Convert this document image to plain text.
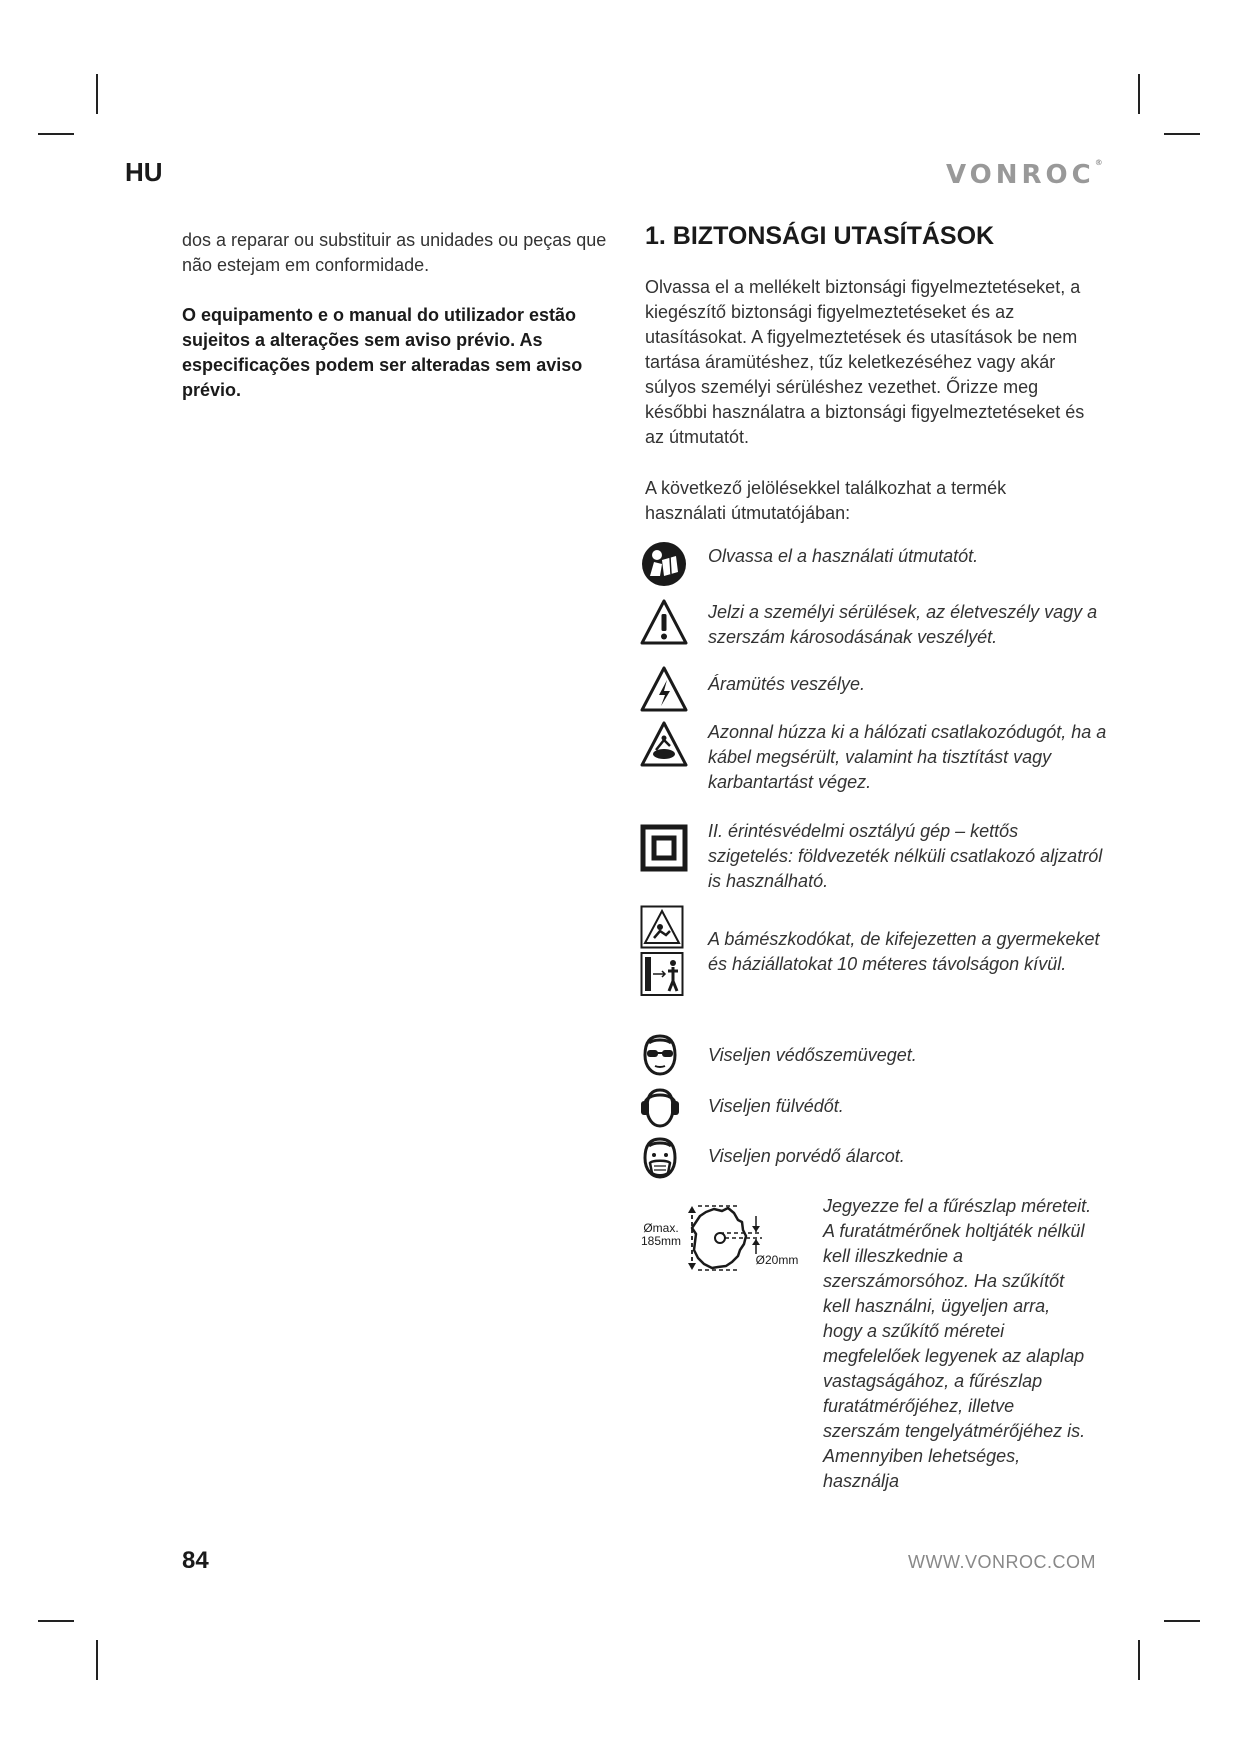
HU	VONROC®

dos a reparar ou substituir as unidades ou peças que não estejam em conformidade.

O equipamento e o manual do utilizador estão sujeitos a alterações sem aviso prévio. As especificações podem ser alteradas sem aviso prévio.

1. BIZTONSÁGI UTASÍTÁSOK

Olvassa el a mellékelt biztonsági figyelmeztetéseket, a kiegészítő biztonsági figyelmeztetéseket és az utasításokat. A figyelmeztetések és utasítások be nem tartása áramütéshez, tűz keletkezéséhez vagy akár súlyos személyi sérüléshez vezethet. Őrizze meg későbbi használatra a biztonsági figyelmeztetéseket és az útmutatót.

A következő jelölésekkel találkozhat a termék használati útmutatójában:

Olvassa el a használati útmutatót.

Jelzi a személyi sérülések, az életveszély vagy a szerszám károsodásának veszélyét.

Áramütés veszélye.

Azonnal húzza ki a hálózati csatlakozódugót, ha a kábel megsérült, valamint ha tisztítást vagy karbantartást végez.

II. érintésvédelmi osztályú gép – kettős szigetelés: földvezeték nélküli csatlakozó aljzatról is használható.

A bámészkodókat, de kifejezetten a gyermekeket és háziállatokat 10 méteres távolságon kívül.

Viseljen védőszemüveget.

Viseljen fülvédőt.

Viseljen porvédő álarcot.

Ømax.
185mm
Ø20mm

Jegyezze fel a fűrészlap méreteit. A furatátmérőnek holtjáték nélkül kell illeszkednie a szerszámorsóhoz. Ha szűkítőt kell használni, ügyeljen arra, hogy a szűkítő méretei megfelelőek legyenek az alaplap vastagságához, a fűrészlap furatátmérőjéhez, illetve szerszám tengelyátmérőjéhez is. Amennyiben lehetséges, használja

84	WWW.VONROC.COM
